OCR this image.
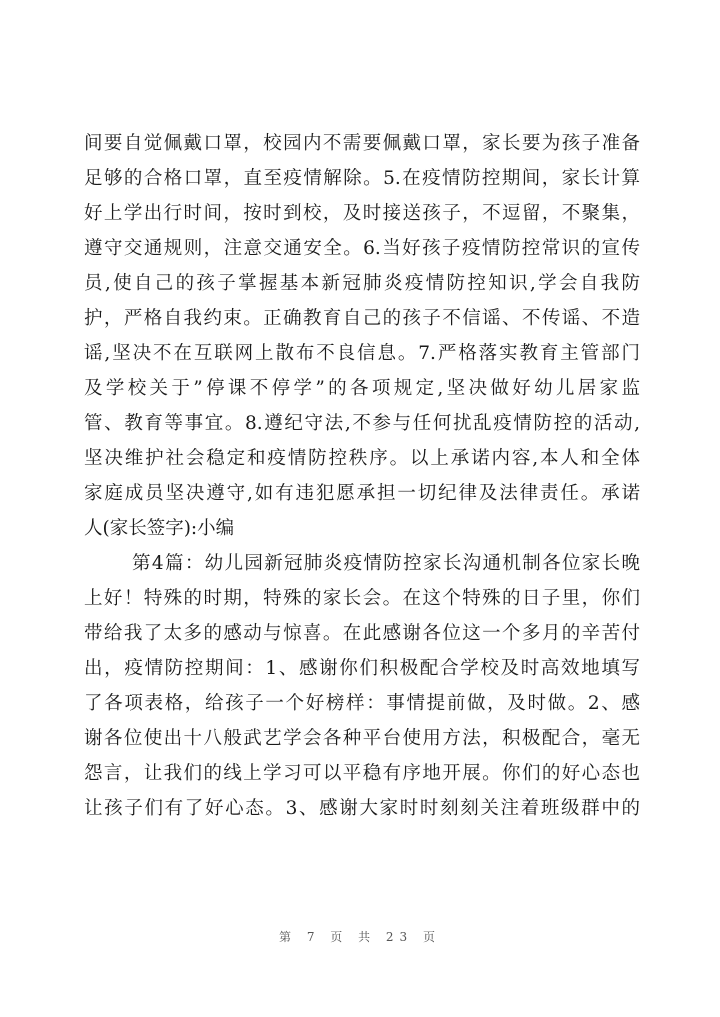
间要自觉佩戴口罩，校园内不需要佩戴口罩，家长要为孩子准备
足够的合格口罩，直至疫情解除。5.在疫情防控期间，家长计算
好上学出行时间，按时到校，及时接送孩子，不逗留，不聚集，
遵守交通规则，注意交通安全。6.当好孩子疫情防控常识的宣传
员,使自己的孩子掌握基本新冠肺炎疫情防控知识,学会自我防
护，严格自我约束。正确教育自己的孩子不信谣、不传谣、不造
谣,坚决不在互联网上散布不良信息。7.严格落实教育主管部门
及学校关于”停课不停学”的各项规定,坚决做好幼儿居家监
管、教育等事宜。8.遵纪守法,不参与任何扰乱疫情防控的活动,
坚决维护社会稳定和疫情防控秩序。以上承诺内容,本人和全体
家庭成员坚决遵守,如有违犯愿承担一切纪律及法律责任。承诺
人(家长签字):小编
第4篇：幼儿园新冠肺炎疫情防控家长沟通机制各位家长晚
上好！特殊的时期，特殊的家长会。在这个特殊的日子里，你们
带给我了太多的感动与惊喜。在此感谢各位这一个多月的辛苦付
出，疫情防控期间：1、感谢你们积极配合学校及时高效地填写
了各项表格，给孩子一个好榜样：事情提前做，及时做。2、感
谢各位使出十八般武艺学会各种平台使用方法，积极配合，毫无
怨言，让我们的线上学习可以平稳有序地开展。你们的好心态也
让孩子们有了好心态。3、感谢大家时时刻刻关注着班级群中的
第 7 页 共 23 页
